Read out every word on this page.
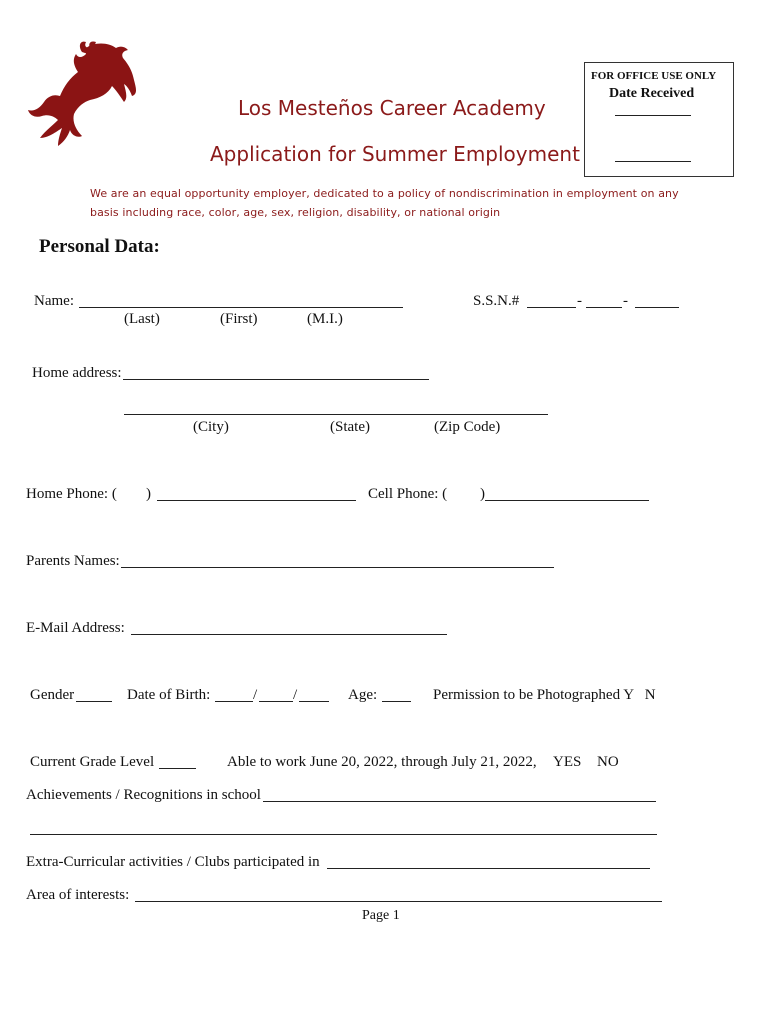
Los Mesteños Career Academy
Application for Summer Employment
FOR OFFICE USE ONLY
Date Received
We are an equal opportunity employer, dedicated to a policy of nondiscrimination in employment on any
basis including race, color, age, sex, religion, disability, or national origin
Personal Data:
Name:
(Last)	(First)	(M.I.)
S.S.N.#	-	-
Home address:
(City)	(State)	(Zip Code)
Home Phone: ( )	Cell Phone: ( )
Parents Names:
E-Mail Address:
Gender	Date of Birth:	/ /	Age:	Permission to be Photographed Y   N
Current Grade Level	Able to work June 20, 2022, through July 21, 2022, YES NO
Achievements / Recognitions in school
Extra-Curricular activities / Clubs participated in
Area of interests:
Page 1
